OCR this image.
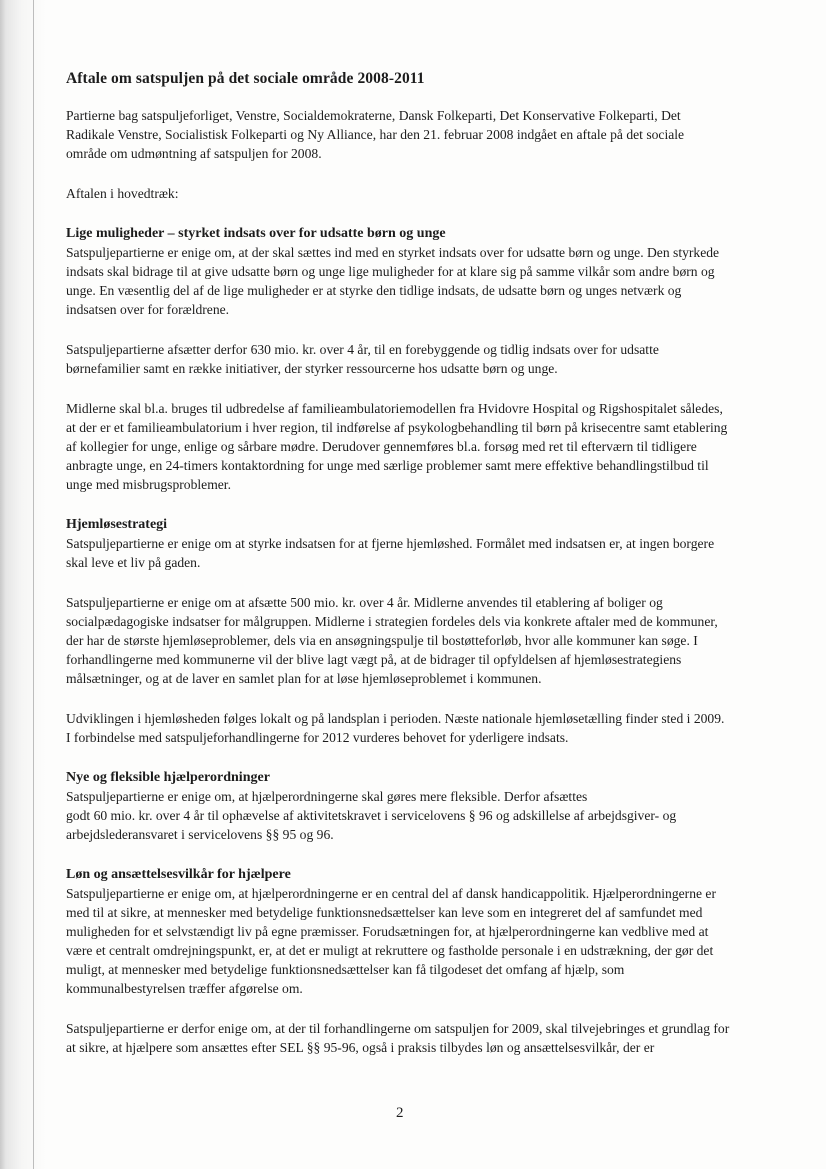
Aftale om satspuljen på det sociale område 2008-2011
Partierne bag satspuljeforliget, Venstre, Socialdemokraterne, Dansk Folkeparti, Det Konservative Folkeparti, Det
Radikale Venstre, Socialistisk Folkeparti og Ny Alliance, har den 21. februar 2008 indgået en aftale på det sociale
område om udmøntning af satspuljen for 2008.
Aftalen i hovedtræk:
Lige muligheder – styrket indsats over for udsatte børn og unge
Satspuljepartierne er enige om, at der skal sættes ind med en styrket indsats over for udsatte børn og unge. Den styrkede
indsats skal bidrage til at give udsatte børn og unge lige muligheder for at klare sig på samme vilkår som andre børn og
unge. En væsentlig del af de lige muligheder er at styrke den tidlige indsats, de udsatte børn og unges netværk og
indsatsen over for forældrene.
Satspuljepartierne afsætter derfor 630 mio. kr. over 4 år, til en forebyggende og tidlig indsats over for udsatte
børnefamilier samt en række initiativer, der styrker ressourcerne hos udsatte børn og unge.
Midlerne skal bl.a. bruges til udbredelse af familieambulatoriemodellen fra Hvidovre Hospital og Rigshospitalet således,
at der er et familieambulatorium i hver region, til indførelse af psykologbehandling til børn på krisecentre samt etablering
af kollegier for unge, enlige og sårbare mødre. Derudover gennemføres bl.a. forsøg med ret til efterværn til tidligere
anbragte unge, en 24-timers kontaktordning for unge med særlige problemer samt mere effektive behandlingstilbud til
unge med misbrugsproblemer.
Hjemløsestrategi
Satspuljepartierne er enige om at styrke indsatsen for at fjerne hjemløshed. Formålet med indsatsen er, at ingen borgere
skal leve et liv på gaden.
Satspuljepartierne er enige om at afsætte 500 mio. kr. over 4 år. Midlerne anvendes til etablering af boliger og
socialpædagogiske indsatser for målgruppen. Midlerne i strategien fordeles dels via konkrete aftaler med de kommuner,
der har de største hjemløseproblemer, dels via en ansøgningspulje til bostøtteforløb, hvor alle kommuner kan søge. I
forhandlingerne med kommunerne vil der blive lagt vægt på, at de bidrager til opfyldelsen af hjemløsestrategiens
målsætninger, og at de laver en samlet plan for at løse hjemløseproblemet i kommunen.
Udviklingen i hjemløsheden følges lokalt og på landsplan i perioden. Næste nationale hjemløsetælling finder sted i 2009.
I forbindelse med satspuljeforhandlingerne for 2012 vurderes behovet for yderligere indsats.
Nye og fleksible hjælperordninger
Satspuljepartierne er enige om, at hjælperordningerne skal gøres mere fleksible. Derfor afsættes
godt 60 mio. kr. over 4 år til ophævelse af aktivitetskravet i servicelovens § 96 og adskillelse af arbejdsgiver- og
arbejdslederansvaret i servicelovens §§ 95 og 96.
Løn og ansættelsesvilkår for hjælpere
Satspuljepartierne er enige om, at hjælperordningerne er en central del af dansk handicappolitik. Hjælperordningerne er
med til at sikre, at mennesker med betydelige funktionsnedsættelser kan leve som en integreret del af samfundet med
muligheden for et selvstændigt liv på egne præmisser. Forudsætningen for, at hjælperordningerne kan vedblive med at
være et centralt omdrejningspunkt, er, at det er muligt at rekruttere og fastholde personale i en udstrækning, der gør det
muligt, at mennesker med betydelige funktionsnedsættelser kan få tilgodeset det omfang af hjælp, som
kommunalbestyrelsen træffer afgørelse om.
Satspuljepartierne er derfor enige om, at der til forhandlingerne om satspuljen for 2009, skal tilvejebringes et grundlag for
at sikre, at hjælpere som ansættes efter SEL §§ 95-96, også i praksis tilbydes løn og ansættelsesvilkår, der er
2
